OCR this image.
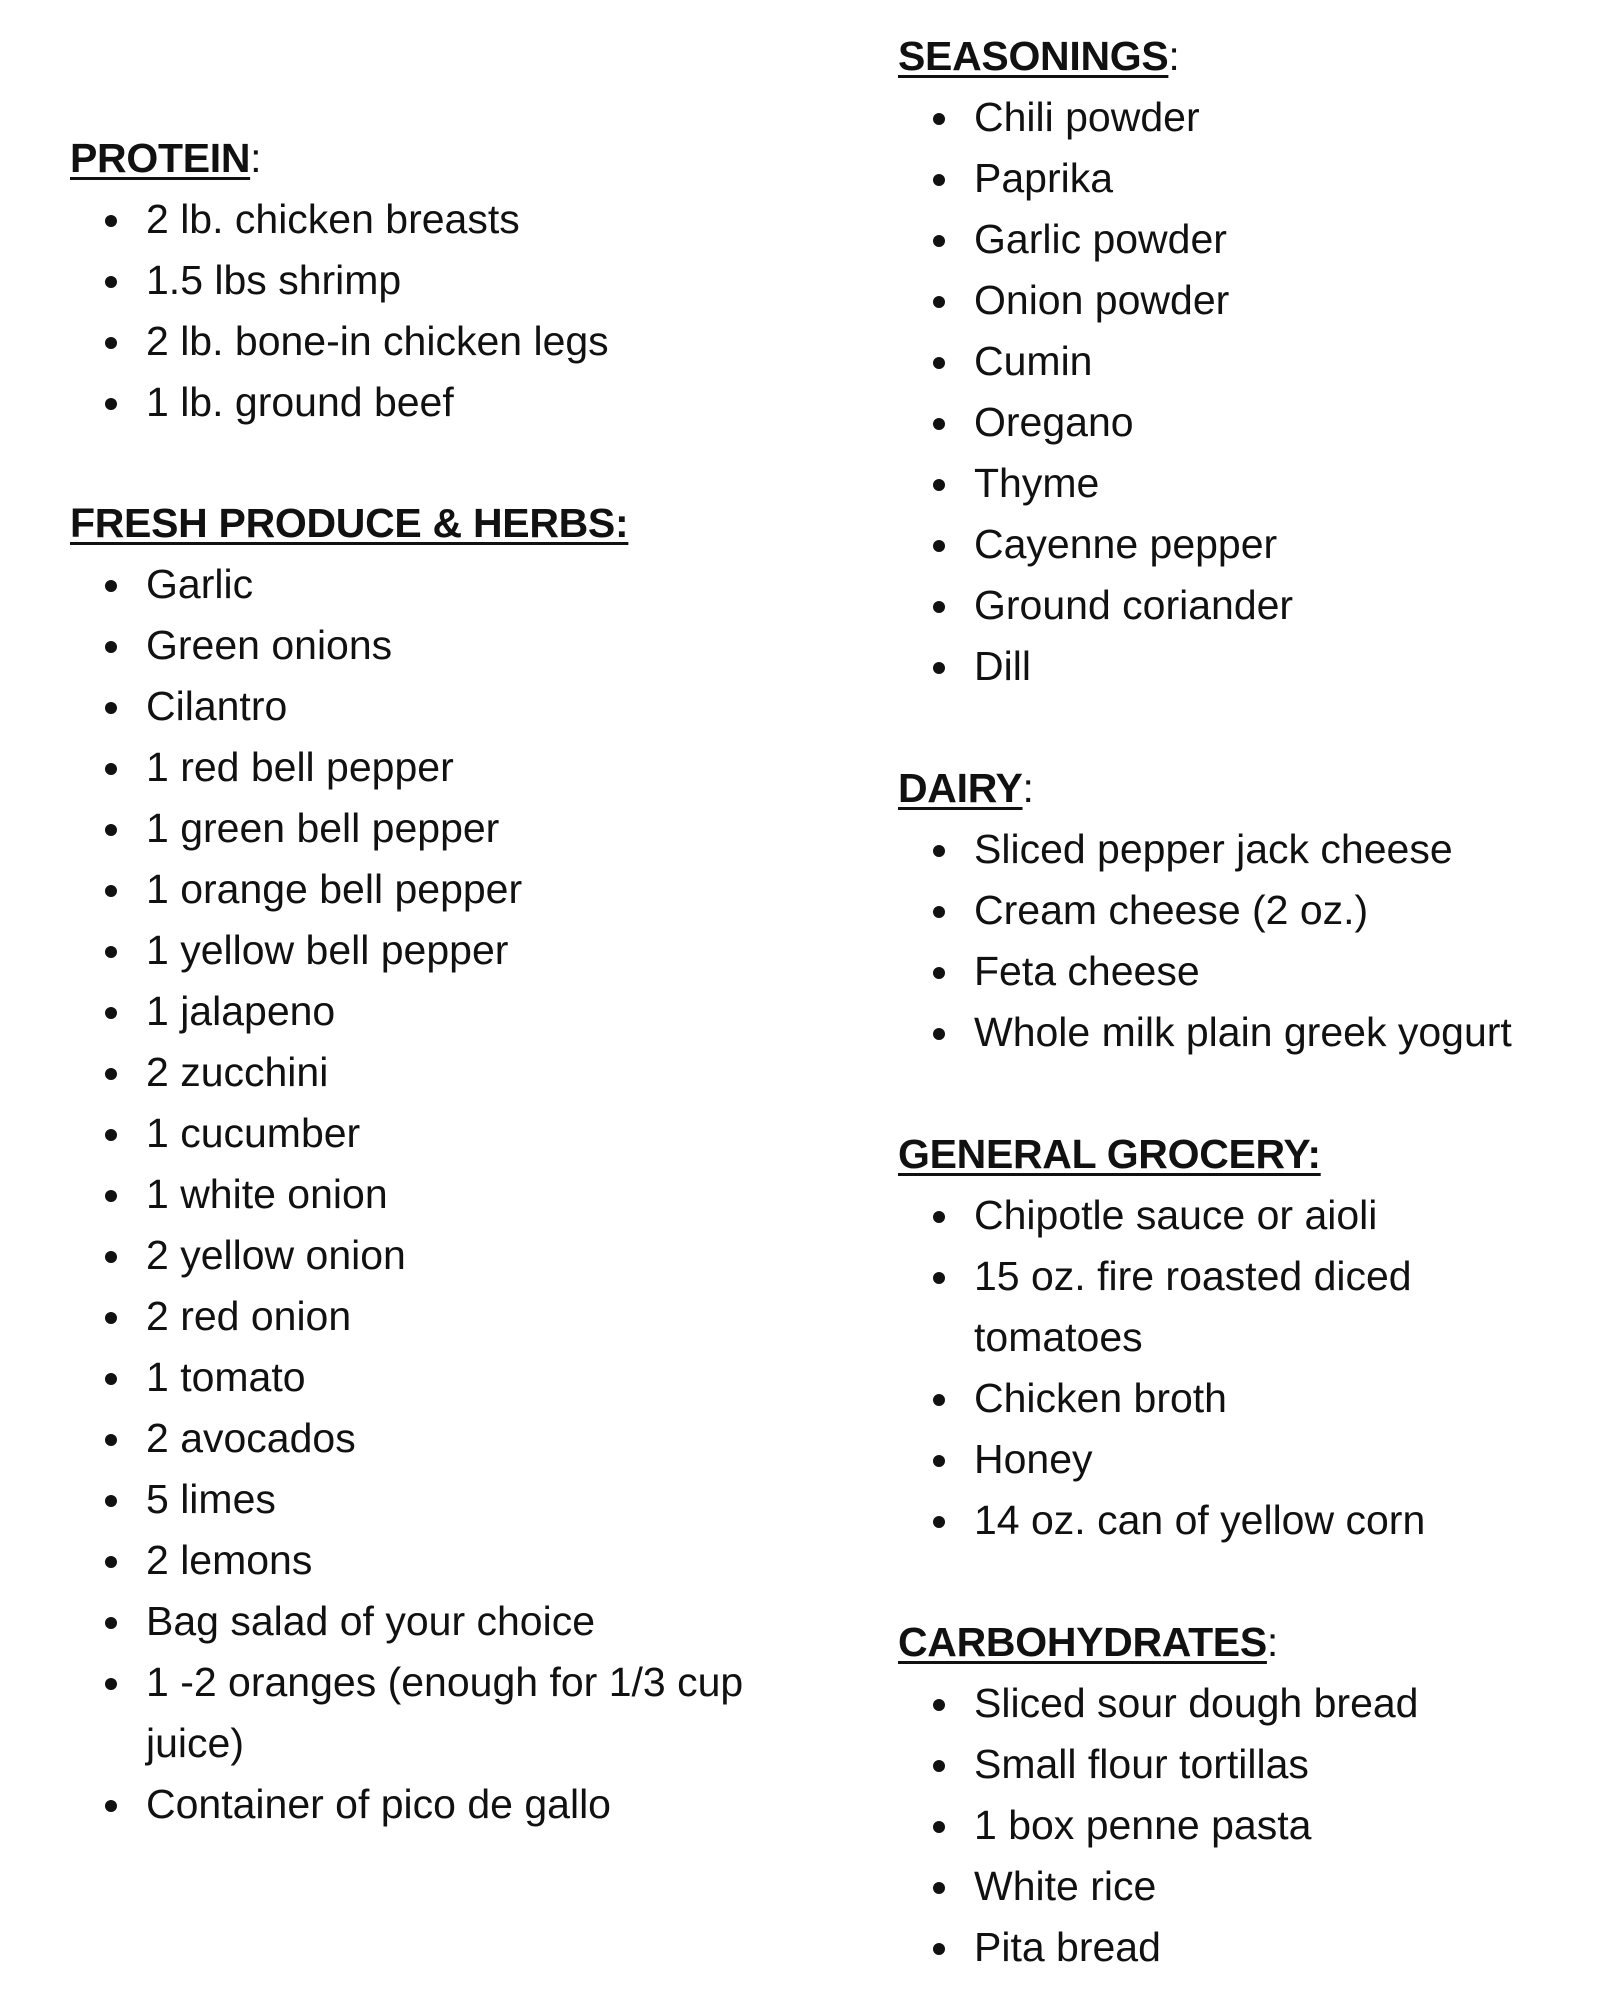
PROTEIN:
2 lb. chicken breasts
1.5 lbs shrimp
2 lb. bone-in chicken legs
1 lb. ground beef
FRESH PRODUCE & HERBS:
Garlic
Green onions
Cilantro
1 red bell pepper
1 green bell pepper
1 orange bell pepper
1 yellow bell pepper
1 jalapeno
2 zucchini
1 cucumber
1 white onion
2 yellow onion
2 red onion
1 tomato
2 avocados
5 limes
2 lemons
Bag salad of your choice
1 -2 oranges (enough for 1/3 cup juice)
Container of pico de gallo
SEASONINGS:
Chili powder
Paprika
Garlic powder
Onion powder
Cumin
Oregano
Thyme
Cayenne pepper
Ground coriander
Dill
DAIRY:
Sliced pepper jack cheese
Cream cheese (2 oz.)
Feta cheese
Whole milk plain greek yogurt
GENERAL GROCERY:
Chipotle sauce or aioli
15 oz. fire roasted diced tomatoes
Chicken broth
Honey
14 oz. can of yellow corn
CARBOHYDRATES:
Sliced sour dough bread
Small flour tortillas
1 box penne pasta
White rice
Pita bread
